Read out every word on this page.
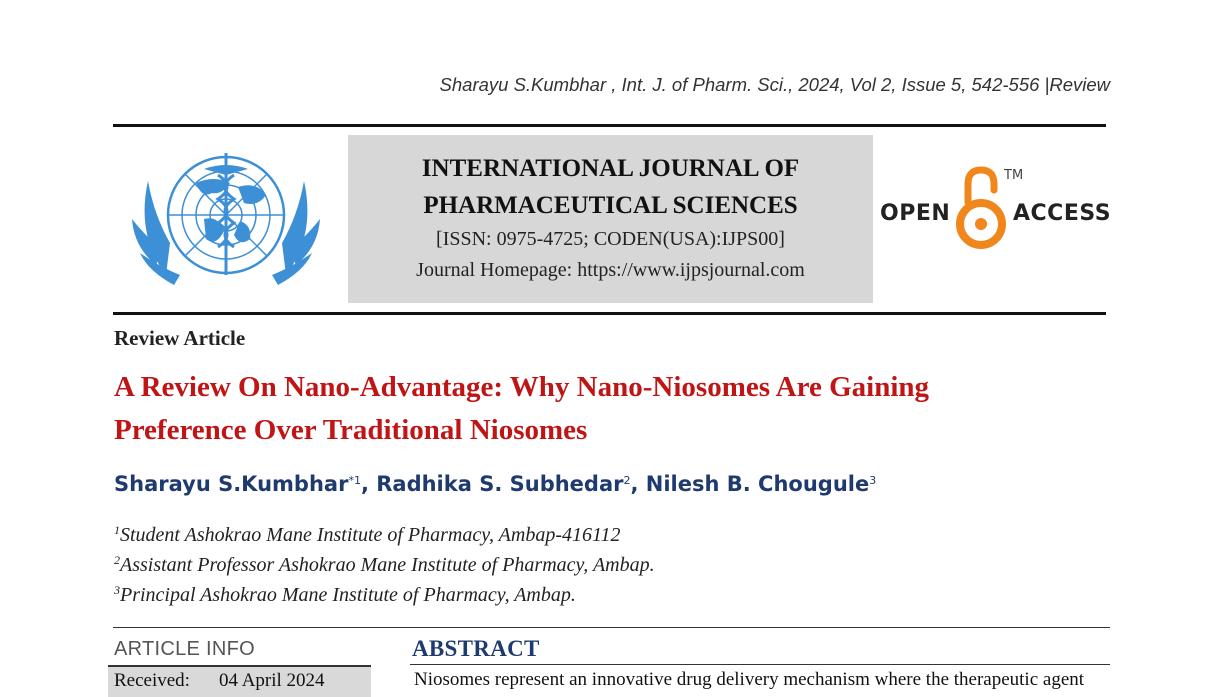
Sharayu S.Kumbhar , Int. J. of Pharm. Sci., 2024, Vol 2, Issue 5, 542-556 |Review
INTERNATIONAL JOURNAL OF
PHARMACEUTICAL SCIENCES
[ISSN: 0975-4725; CODEN(USA):IJPS00]
Journal Homepage: https://www.ijpsjournal.com
OPEN
TM
ACCESS
Review Article
A Review On Nano-Advantage: Why Nano-Niosomes Are Gaining
Preference Over Traditional Niosomes
Sharayu S.Kumbhar$^{*1}$, Radhika S. Subhedar$^2$, Nilesh B. Chougule$^3$
$^1$Student Ashokrao Mane Institute of Pharmacy, Ambap-416112
$^2$Assistant Professor Ashokrao Mane Institute of Pharmacy, Ambap.
$^3$Principal Ashokrao Mane Institute of Pharmacy, Ambap.
ARTICLE INFO
Received: 04 April 2024
ABSTRACT
Niosomes represent an innovative drug delivery mechanism where the therapeutic agent
